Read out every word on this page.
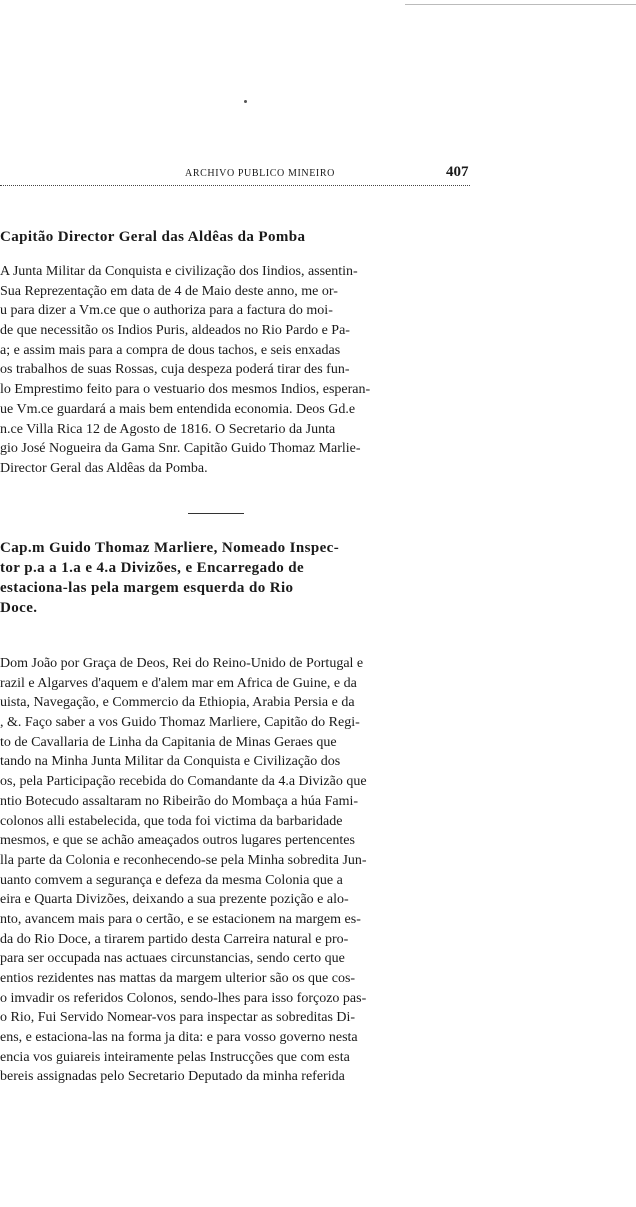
ARCHIVO PUBLICO MINEIRO	407
Capitão Director Geral das Aldêas da Pomba
A Junta Militar da Conquista e civilização dos Iindios, assentin-
Sua Reprezentação em data de 4 de Maio deste anno, me or-
u para dizer a Vm.ce que o authoriza para a factura do moi-
de que necessitão os Indios Puris, aldeados no Rio Pardo e Pa-
a; e assim mais para a compra de dous tachos, e seis enxadas
os trabalhos de suas Rossas, cuja despeza poderá tirar des fun-
lo Emprestimo feito para o vestuario dos mesmos Indios, esperan-
ue Vm.ce guardará a mais bem entendida economia. Deos Gd.e
n.ce Villa Rica 12 de Agosto de 1816. O Secretario da Junta
gio José Nogueira da Gama Snr. Capitão Guido Thomaz Marlie-
Director Geral das Aldêas da Pomba.
Cap.m Guido Thomaz Marliere, Nomeado Inspec-
tor p.a a 1.a e 4.a Divizões, e Encarregado de
estaciona-las pela margem esquerda do Rio
Doce.
Dom João por Graça de Deos, Rei do Reino-Unido de Portugal e
razil e Algarves d'aquem e d'alem mar em Africa de Guine, e da
uista, Navegação, e Commercio da Ethiopia, Arabia Persia e da
, &. Faço saber a vos Guido Thomaz Marliere, Capitão do Regi-
to de Cavallaria de Linha da Capitania de Minas Geraes que
tando na Minha Junta Militar da Conquista e Civilização dos
os, pela Participação recebida do Comandante da 4.a Divizão que
ntio Botecudo assaltaram no Ribeirão do Mombaça a húa Fami-
colonos alli estabelecida, que toda foi victima da barbaridade
mesmos, e que se achão ameaçados outros lugares pertencentes
lla parte da Colonia e reconhecendo-se pela Minha sobredita Jun-
uanto comvem a segurança e defeza da mesma Colonia que a
eira e Quarta Divizões, deixando a sua prezente pozição e alo-
nto, avancem mais para o certão, e se estacionem na margem es-
da do Rio Doce, a tirarem partido desta Carreira natural e pro-
para ser occupada nas actuaes circunstancias, sendo certo que
entios rezidentes nas mattas da margem ulterior são os que cos-
o imvadir os referidos Colonos, sendo-lhes para isso forçozo pas-
o Rio, Fui Servido Nomear-vos para inspectar as sobreditas Di-
ens, e estaciona-las na forma ja dita: e para vosso governo nesta
encia vos guiareis inteiramente pelas Instrucções que com esta
bereis assignadas pelo Secretario Deputado da minha referida
